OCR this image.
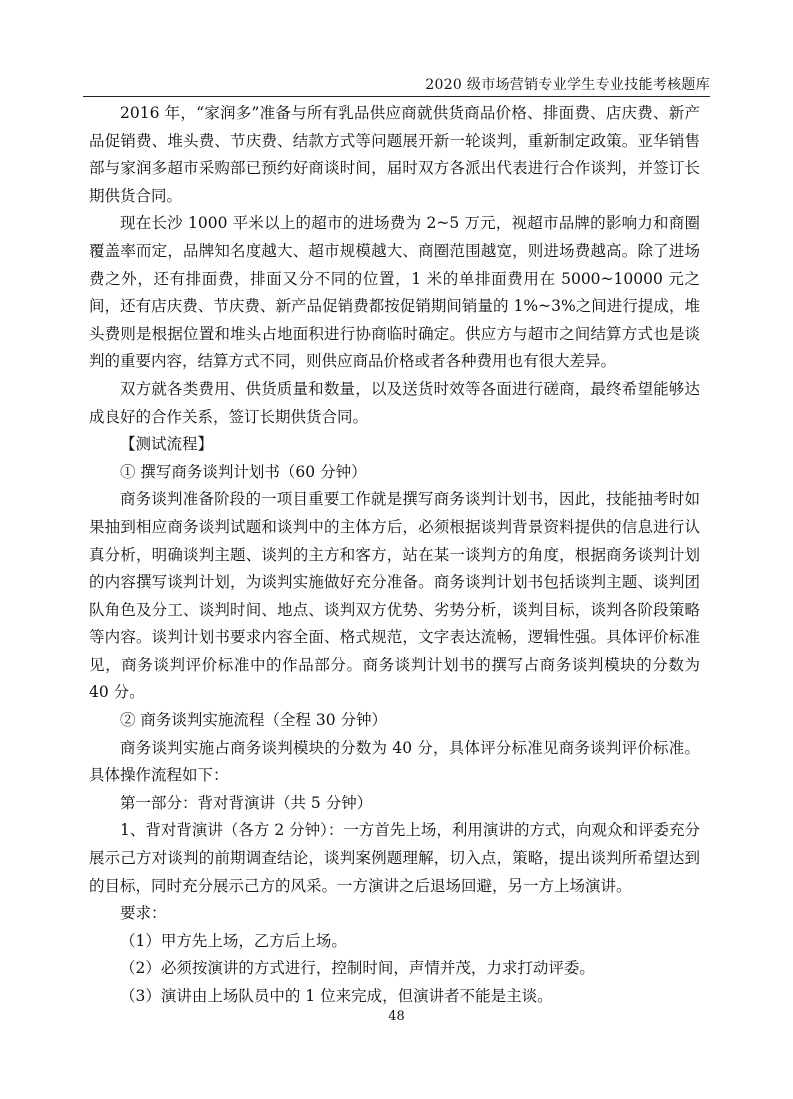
2020 级市场营销专业学生专业技能考核题库

2016 年，“家润多”准备与所有乳品供应商就供货商品价格、排面费、店庆费、新产品促销费、堆头费、节庆费、结款方式等问题展开新一轮谈判，重新制定政策。亚华销售部与家润多超市采购部已预约好商谈时间，届时双方各派出代表进行合作谈判，并签订长期供货合同。

现在长沙 1000 平米以上的超市的进场费为 2~5 万元，视超市品牌的影响力和商圈覆盖率而定，品牌知名度越大、超市规模越大、商圈范围越宽，则进场费越高。除了进场费之外，还有排面费，排面又分不同的位置，1 米的单排面费用在 5000~10000 元之间，还有店庆费、节庆费、新产品促销费都按促销期间销量的 1%~3%之间进行提成，堆头费则是根据位置和堆头占地面积进行协商临时确定。供应方与超市之间结算方式也是谈判的重要内容，结算方式不同，则供应商品价格或者各种费用也有很大差异。

双方就各类费用、供货质量和数量，以及送货时效等各面进行磋商，最终希望能够达成良好的合作关系，签订长期供货合同。

【测试流程】

① 撰写商务谈判计划书（60 分钟）

商务谈判准备阶段的一项目重要工作就是撰写商务谈判计划书，因此，技能抽考时如果抽到相应商务谈判试题和谈判中的主体方后，必须根据谈判背景资料提供的信息进行认真分析，明确谈判主题、谈判的主方和客方，站在某一谈判方的角度，根据商务谈判计划的内容撰写谈判计划，为谈判实施做好充分准备。商务谈判计划书包括谈判主题、谈判团队角色及分工、谈判时间、地点、谈判双方优势、劣势分析，谈判目标，谈判各阶段策略等内容。谈判计划书要求内容全面、格式规范，文字表达流畅，逻辑性强。具体评价标准见，商务谈判评价标准中的作品部分。商务谈判计划书的撰写占商务谈判模块的分数为 40 分。

② 商务谈判实施流程（全程 30 分钟）

商务谈判实施占商务谈判模块的分数为 40 分，具体评分标准见商务谈判评价标准。具体操作流程如下：

第一部分：背对背演讲（共 5 分钟）

1、背对背演讲（各方 2 分钟）：一方首先上场，利用演讲的方式，向观众和评委充分展示己方对谈判的前期调查结论，谈判案例题理解，切入点，策略，提出谈判所希望达到的目标，同时充分展示己方的风采。一方演讲之后退场回避，另一方上场演讲。

要求：

（1）甲方先上场，乙方后上场。

（2）必须按演讲的方式进行，控制时间，声情并茂，力求打动评委。

（3）演讲由上场队员中的 1 位来完成，但演讲者不能是主谈。

48
